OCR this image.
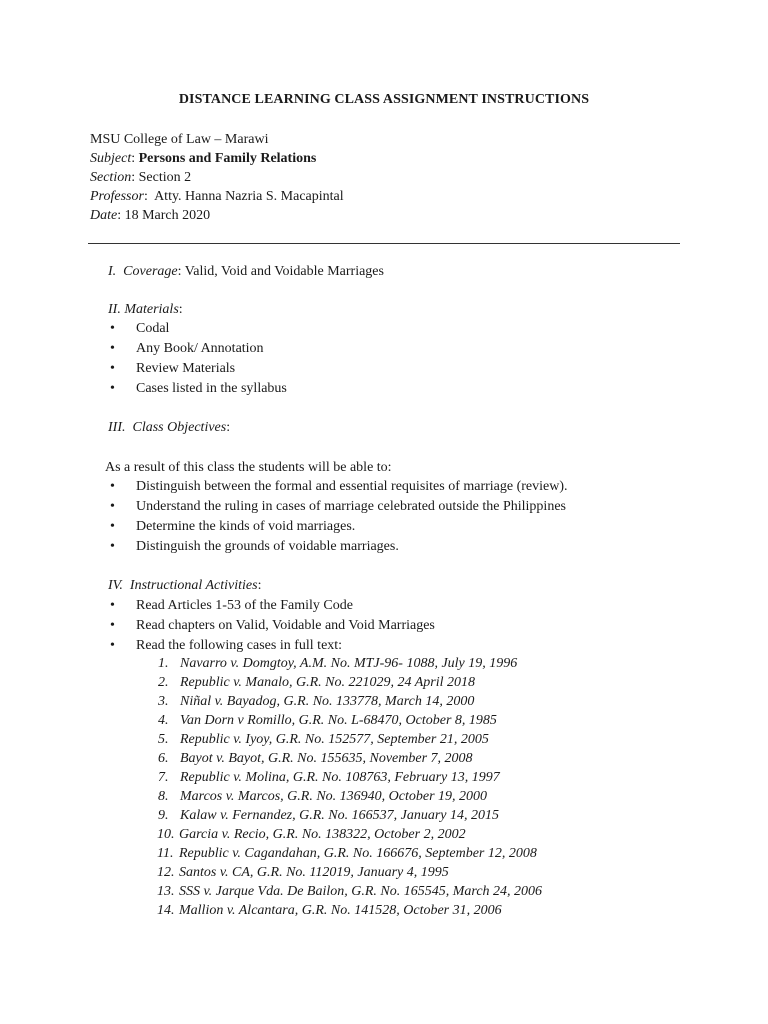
DISTANCE LEARNING CLASS ASSIGNMENT INSTRUCTIONS
MSU College of Law – Marawi
Subject: Persons and Family Relations
Section: Section 2
Professor:  Atty. Hanna Nazria S. Macapintal
Date: 18 March 2020
I. Coverage: Valid, Void and Voidable Marriages
II. Materials:
•Codal
•Any Book/ Annotation
•Review Materials
•Cases listed in the syllabus
III. Class Objectives:
As a result of this class the students will be able to:
•Distinguish between the formal and essential requisites of marriage (review).
•Understand the ruling in cases of marriage celebrated outside the Philippines
•Determine the kinds of void marriages.
•Distinguish the grounds of voidable marriages.
IV. Instructional Activities:
•Read Articles 1-53 of the Family Code
•Read chapters on Valid, Voidable and Void Marriages
•Read the following cases in full text:
1. Navarro v. Domgtoy, A.M. No. MTJ-96- 1088, July 19, 1996
2. Republic v. Manalo, G.R. No. 221029, 24 April 2018
3. Niñal v. Bayadog, G.R. No. 133778, March 14, 2000
4. Van Dorn v Romillo, G.R. No. L-68470, October 8, 1985
5. Republic v. Iyoy, G.R. No. 152577, September 21, 2005
6. Bayot v. Bayot, G.R. No. 155635, November 7, 2008
7. Republic v. Molina, G.R. No. 108763, February 13, 1997
8. Marcos v. Marcos, G.R. No. 136940, October 19, 2000
9. Kalaw v. Fernandez, G.R. No. 166537, January 14, 2015
10. Garcia v. Recio, G.R. No. 138322, October 2, 2002
11. Republic v. Cagandahan, G.R. No. 166676, September 12, 2008
12. Santos v. CA, G.R. No. 112019, January 4, 1995
13. SSS v. Jarque Vda. De Bailon, G.R. No. 165545, March 24, 2006
14. Mallion v. Alcantara, G.R. No. 141528, October 31, 2006
